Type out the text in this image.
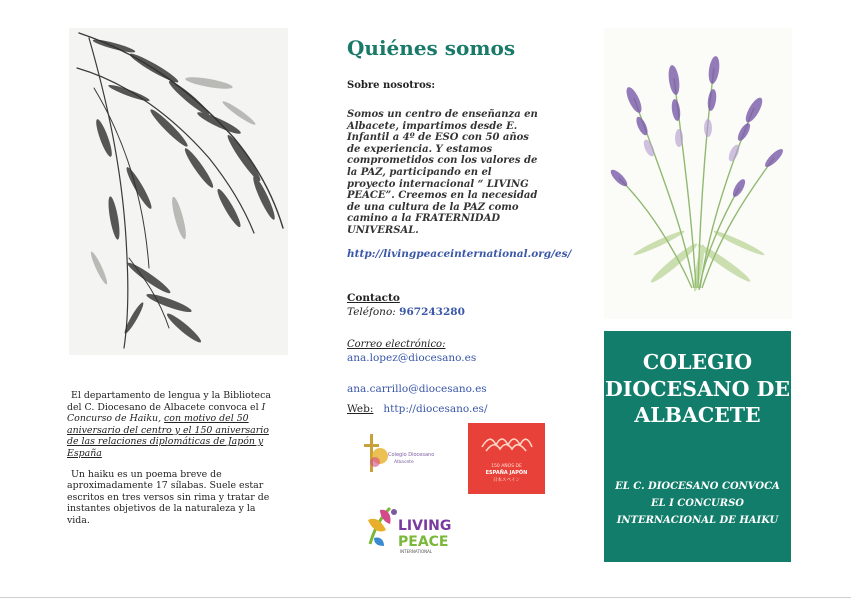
El departamento de lengua y la Biblioteca del C. Diocesano de Albacete convoca el I Concurso de Haiku, con motivo del 50 aniversario del centro y el 150 aniversario de las relaciones diplomáticas de Japón y España

Un haiku es un poema breve de aproximadamente 17 sílabas. Suele estar escritos en tres versos sin rima y tratar de instantes objetivos de la naturaleza y la vida.

Quiénes somos

Sobre nosotros:

Somos un centro de enseñanza en Albacete, impartimos desde E. Infantil a 4º de ESO con 50 años de experiencia. Y estamos comprometidos con los valores de la PAZ, participando en el proyecto internacional “ LIVING PEACE”. Creemos en la necesidad de una cultura de la PAZ como camino a la FRATERNIDAD UNIVERSAL.

http://livingpeaceinternational.org/es/

Contacto

Teléfono: 967243280

Correo electrónico:

ana.lopez@diocesano.es
ana.carrillo@diocesano.es

Web: http://diocesano.es/

Colegio Diocesano
Albacete
150 AÑOS DE
ESPAÑA JAPÓN
日本スペイン
LIVING
PEACE
INTERNATIONAL
COLEGIO DIOCESANO DE ALBACETE

EL C. DIOCESANO CONVOCA EL I CONCURSO INTERNACIONAL DE HAIKU
